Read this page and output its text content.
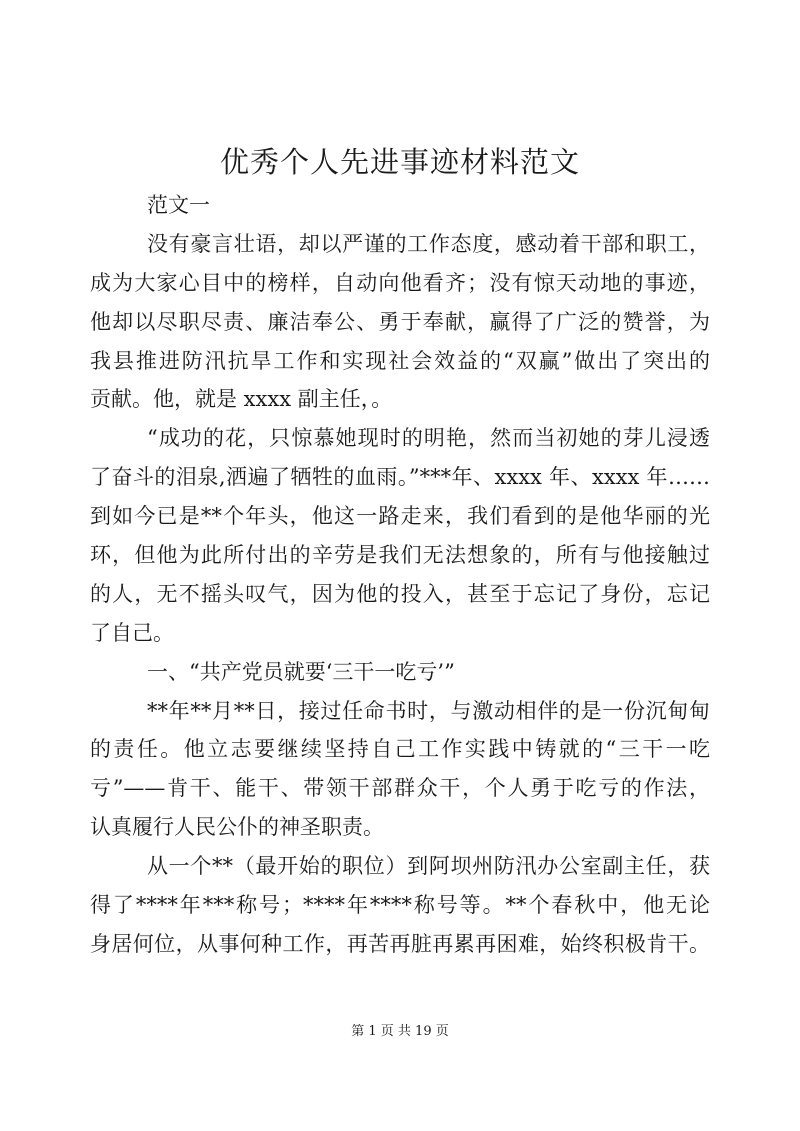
优秀个人先进事迹材料范文
范文一
没有豪言壮语，却以严谨的工作态度，感动着干部和职工，
成为大家心目中的榜样，自动向他看齐；没有惊天动地的事迹，
他却以尽职尽责、廉洁奉公、勇于奉献，赢得了广泛的赞誉，为
我县推进防汛抗旱工作和实现社会效益的“双赢”做出了突出的
贡献。他，就是 xxxx 副主任，。
“成功的花，只惊慕她现时的明艳，然而当初她的芽儿浸透
了奋斗的泪泉,洒遍了牺牲的血雨。”***年、xxxx 年、xxxx 年……
到如今已是**个年头，他这一路走来，我们看到的是他华丽的光
环，但他为此所付出的辛劳是我们无法想象的，所有与他接触过
的人，无不摇头叹气，因为他的投入，甚至于忘记了身份，忘记
了自己。
一、“共产党员就要‘三干一吃亏’”
**年**月**日，接过任命书时，与激动相伴的是一份沉甸甸
的责任。他立志要继续坚持自己工作实践中铸就的“三干一吃
亏”——肯干、能干、带领干部群众干，个人勇于吃亏的作法，
认真履行人民公仆的神圣职责。
从一个**（最开始的职位）到阿坝州防汛办公室副主任，获
得了****年***称号；****年****称号等。**个春秋中，他无论
身居何位，从事何种工作，再苦再脏再累再困难，始终积极肯干。
第 1 页 共 19 页
